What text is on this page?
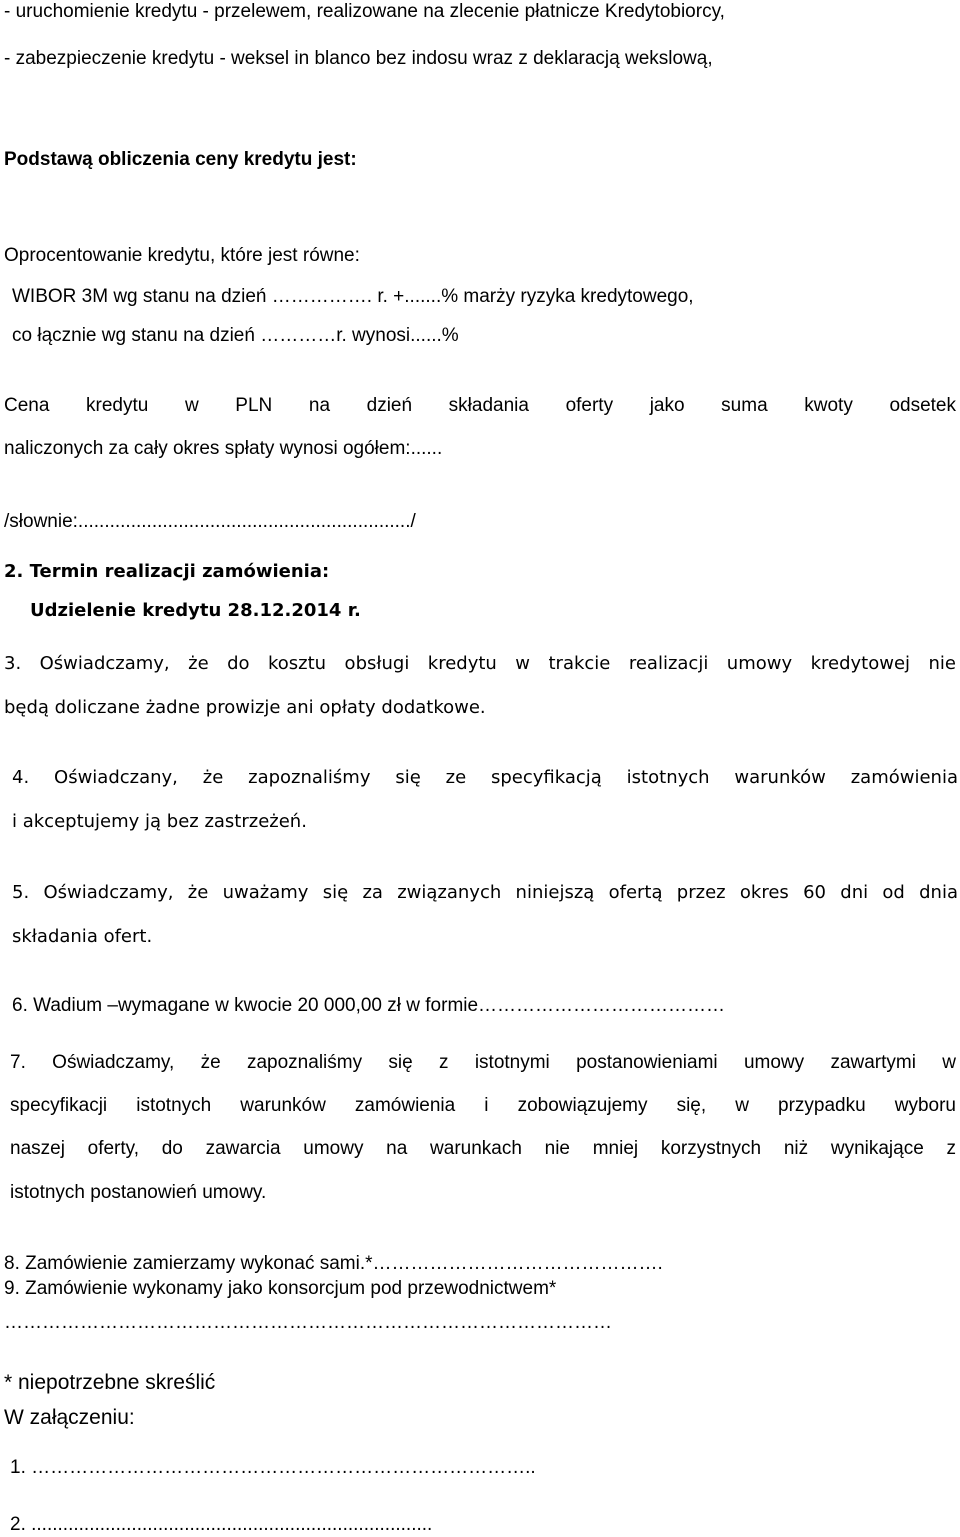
- uruchomienie kredytu - przelewem, realizowane na zlecenie płatnicze Kredytobiorcy,
- zabezpieczenie kredytu - weksel in blanco bez indosu wraz z deklaracją wekslową,
Podstawą obliczenia ceny kredytu jest:
Oprocentowanie kredytu, które jest równe:
WIBOR 3M wg stanu na dzień ……………. r. +.......% marży ryzyka kredytowego,
co łącznie wg stanu na dzień …………r. wynosi......%
Cena kredytu w PLN na dzień składania oferty jako suma kwoty odsetek
naliczonych za cały okres spłaty wynosi ogółem:......
/słownie:.............................................................../
2. Termin realizacji zamówienia:
Udzielenie kredytu 28.12.2014 r.
3. Oświadczamy, że do kosztu obsługi kredytu w trakcie realizacji umowy kredytowej nie
będą doliczane żadne prowizje ani opłaty dodatkowe.
4. Oświadczany, że zapoznaliśmy się ze specyfikacją istotnych warunków zamówienia
i akceptujemy ją bez zastrzeżeń.
5. Oświadczamy, że uważamy się za związanych niniejszą ofertą przez okres 60 dni od dnia
składania ofert.
6. Wadium –wymagane w kwocie 20 000,00 zł w formie…………………………………
7. Oświadczamy, że zapoznaliśmy się z istotnymi postanowieniami umowy zawartymi w
specyfikacji istotnych warunków zamówienia i zobowiązujemy się, w przypadku wyboru
naszej oferty, do zawarcia umowy na warunkach nie mniej korzystnych niż wynikające z
istotnych postanowień umowy.
8. Zamówienie zamierzamy wykonać sami.*……………………………………….
9. Zamówienie wykonamy jako konsorcjum pod przewodnictwem*
……………………………………………………………………………………
* niepotrzebne skreślić
W załączeniu:
1. ……………………………………………………………………..
2. ............................................................................
